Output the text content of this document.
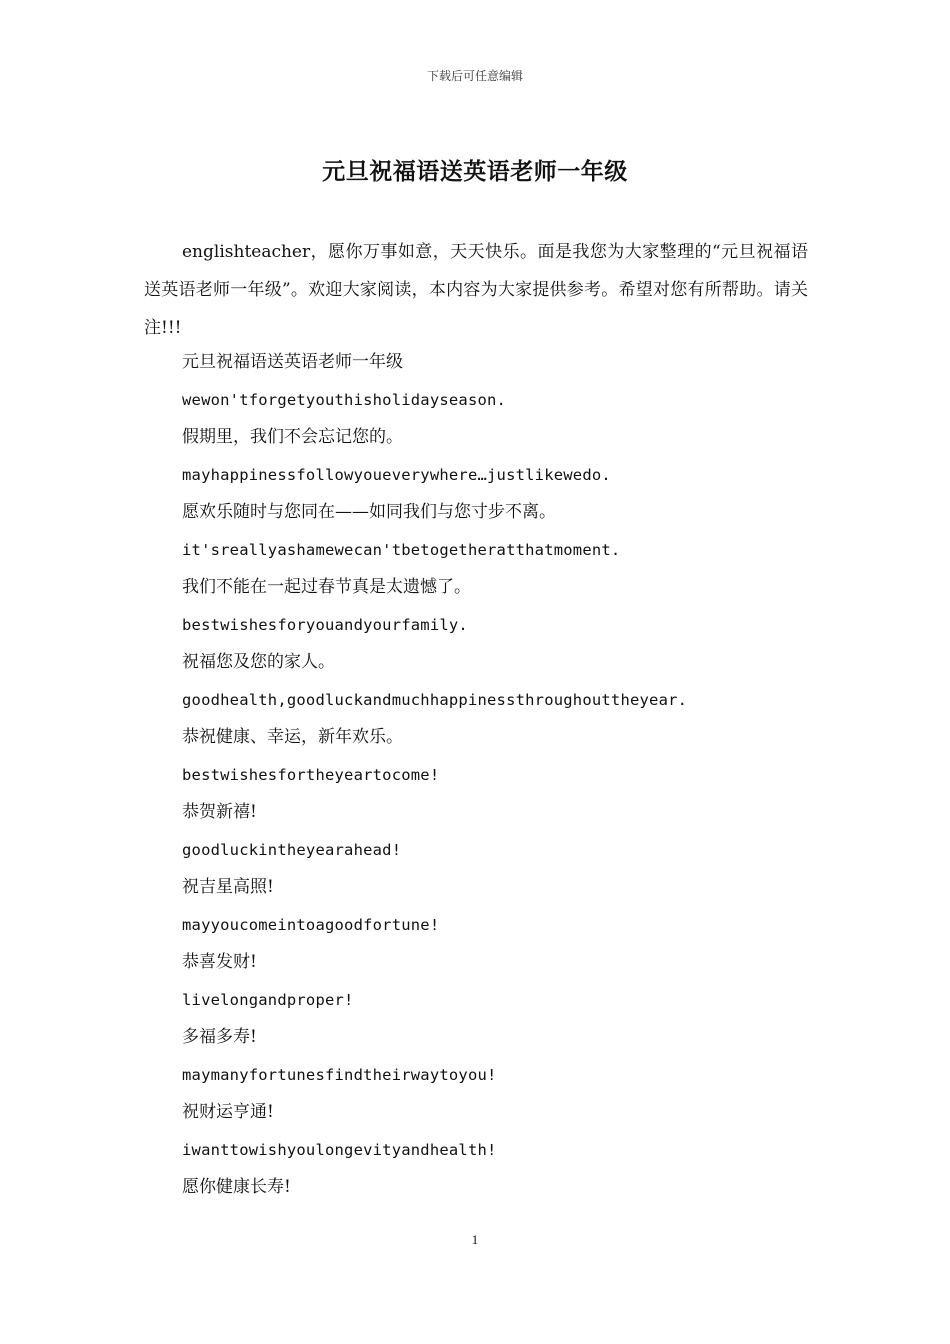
下载后可任意编辑
元旦祝福语送英语老师一年级

englishteacher，愿你万事如意，天天快乐。面是我您为大家整理的“元旦祝福语送英语老师一年级”。欢迎大家阅读，本内容为大家提供参考。希望对您有所帮助。请关注!!!

元旦祝福语送英语老师一年级
wewon'tforgetyouthisholidayseason.
假期里，我们不会忘记您的。
mayhappinessfollowyoueverywhere…justlikewedo.
愿欢乐随时与您同在——如同我们与您寸步不离。
it'sreallyashamewecan'tbetogetheratthatmoment.
我们不能在一起过春节真是太遗憾了。
bestwishesforyouandyourfamily.
祝福您及您的家人。
goodhealth,goodluckandmuchhappinessthroughouttheyear.
恭祝健康、幸运，新年欢乐。
bestwishesfortheyeartocome!
恭贺新禧!
goodluckintheyearahead!
祝吉星高照!
mayyoucomeintoagoodfortune!
恭喜发财!
livelongandproper!
多福多寿!
maymanyfortunesfindtheirwaytoyou!
祝财运亨通!
iwanttowishyoulongevityandhealth!
愿你健康长寿!
1
